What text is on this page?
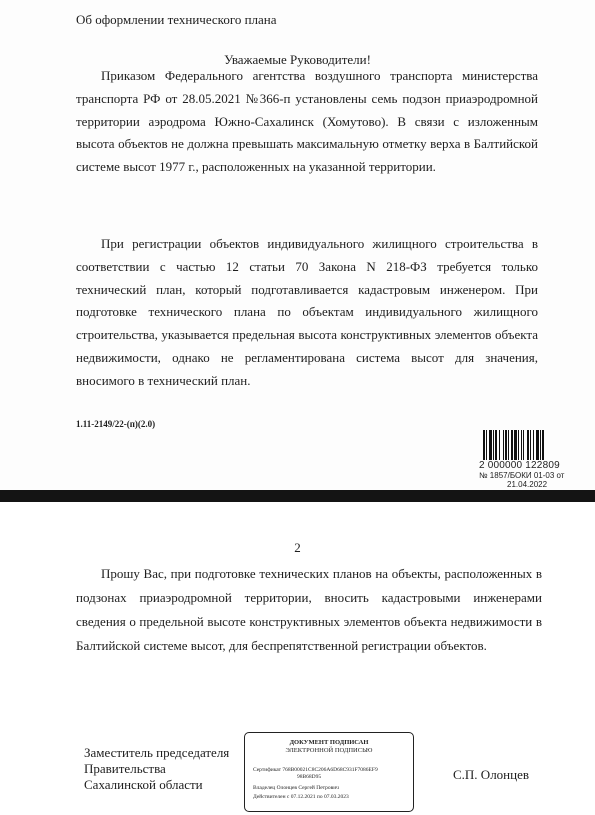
Об оформлении технического плана
Уважаемые Руководители!

Приказом Федерального агентства воздушного транспорта министерства транспорта РФ от 28.05.2021 №366-п установлены семь подзон приаэродромной территории аэродрома Южно-Сахалинск (Хомутово). В связи с изложенным высота объектов не должна превышать максимальную отметку верха в Балтийской системе высот 1977 г., расположенных на указанной территории.

При регистрации объектов индивидуального жилищного строительства в соответствии с частью 12 статьи 70 Закона N 218-ФЗ требуется только технический план, который подготавливается кадастровым инженером. При подготовке технического плана по объектам индивидуального жилищного строительства, указывается предельная высота конструктивных элементов объекта недвижимости, однако не регламентирована система высот для значения, вносимого в технический план.

1.11-2149/22-(п)(2.0)
2 000000 122809
№ 1857/БОКИ 01-03 от
21.04.2022
2

Прошу Вас, при подготовке технических планов на объекты, расположенных в подзонах приаэродромной территории, вносить кадастровыми инженерами сведения о предельной высоте конструктивных элементов объекта недвижимости в Балтийской системе высот, для беспрепятственной регистрации объектов.

Заместитель председателя
Правительства
Сахалинской области
ДОКУМЕНТ ПОДПИСАН
ЭЛЕКТРОННОЙ ПОДПИСЬЮ
Сертификат 768B00021C8C206A6D68C931F7086EF9
98B68D95
Владелец Олонцев Сергей Петрович
Действителен с 07.12.2021 по 07.03.2023
С.П. Олонцев
